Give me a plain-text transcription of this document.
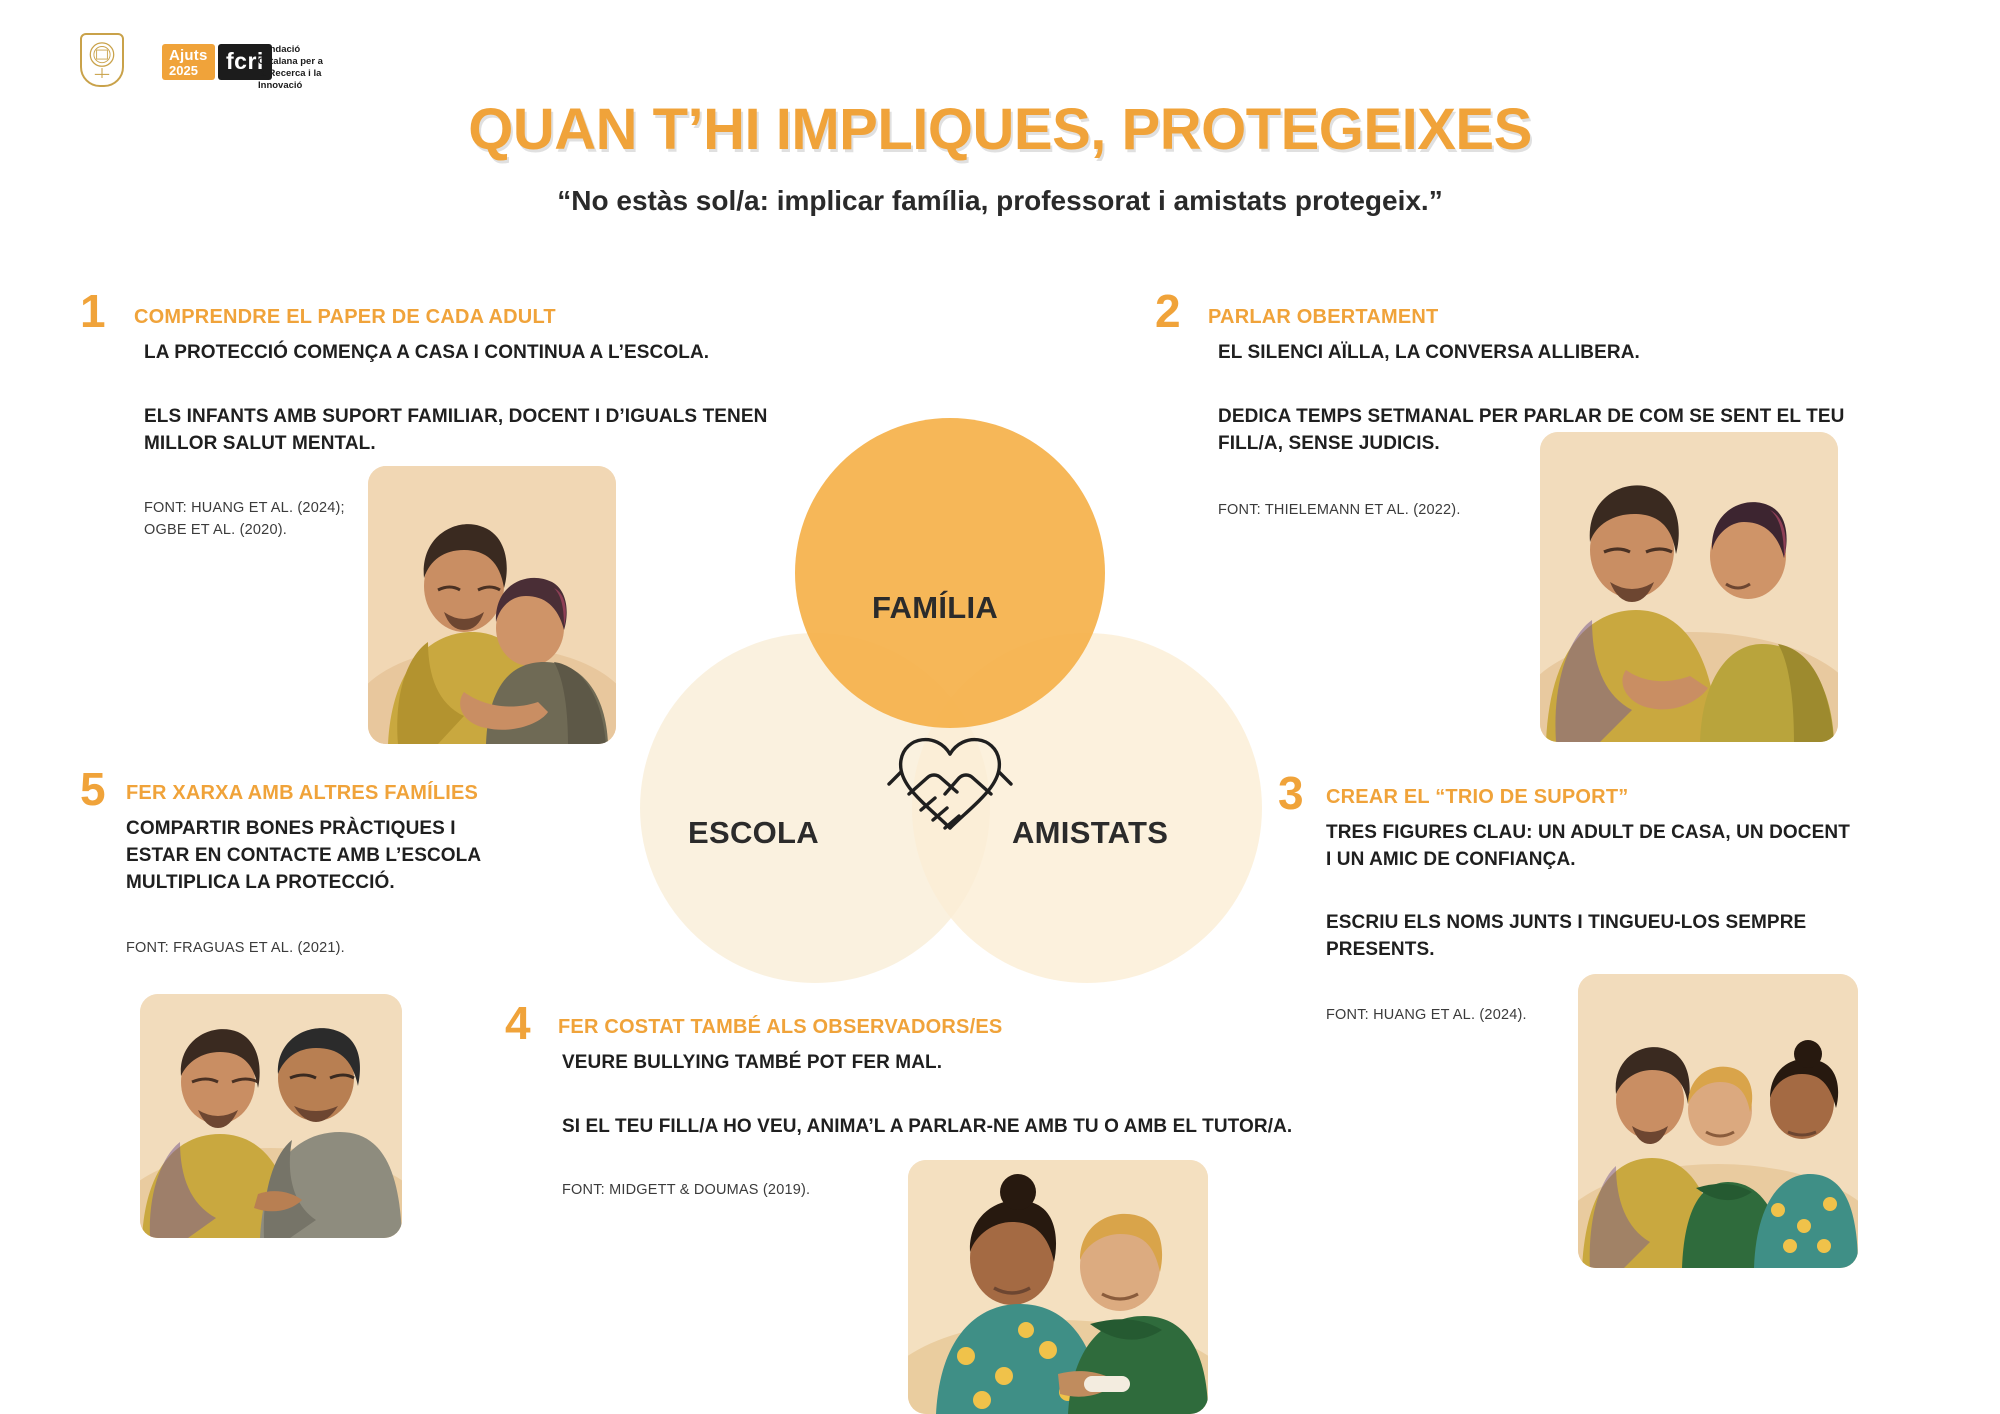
Ajuts
2025	fcri
Fundació Catalana per a la Recerca i la Innovació
QUAN T’HI IMPLIQUES, PROTEGEIXES
“No estàs sol/a: implicar família, professorat i amistats protegeix.”
FAMÍLIA
ESCOLA	AMISTATS
1 COMPRENDRE EL PAPER DE CADA ADULT
LA PROTECCIÓ COMENÇA A CASA I CONTINUA A L’ESCOLA.
ELS INFANTS AMB SUPORT FAMILIAR, DOCENT I D’IGUALS TENEN
MILLOR SALUT MENTAL.
FONT: HUANG ET AL. (2024);
OGBE ET AL. (2020).
2 PARLAR OBERTAMENT
EL SILENCI AÏLLA, LA CONVERSA ALLIBERA.
DEDICA TEMPS SETMANAL PER PARLAR DE COM SE SENT EL TEU
FILL/A, SENSE JUDICIS.
FONT: THIELEMANN ET AL. (2022).
3 CREAR EL “TRIO DE SUPORT”
TRES FIGURES CLAU: UN ADULT DE CASA, UN DOCENT
I UN AMIC DE CONFIANÇA.
ESCRIU ELS NOMS JUNTS I TINGUEU-LOS SEMPRE
PRESENTS.
FONT: HUANG ET AL. (2024).
4 FER COSTAT TAMBÉ ALS OBSERVADORS/ES
VEURE BULLYING TAMBÉ POT FER MAL.
SI EL TEU FILL/A HO VEU, ANIMA’L A PARLAR-NE AMB TU O AMB EL TUTOR/A.
FONT: MIDGETT & DOUMAS (2019).
5 FER XARXA AMB ALTRES FAMÍLIES
COMPARTIR BONES PRÀCTIQUES I
ESTAR EN CONTACTE AMB L’ESCOLA
MULTIPLICA LA PROTECCIÓ.
FONT: FRAGUAS ET AL. (2021).
